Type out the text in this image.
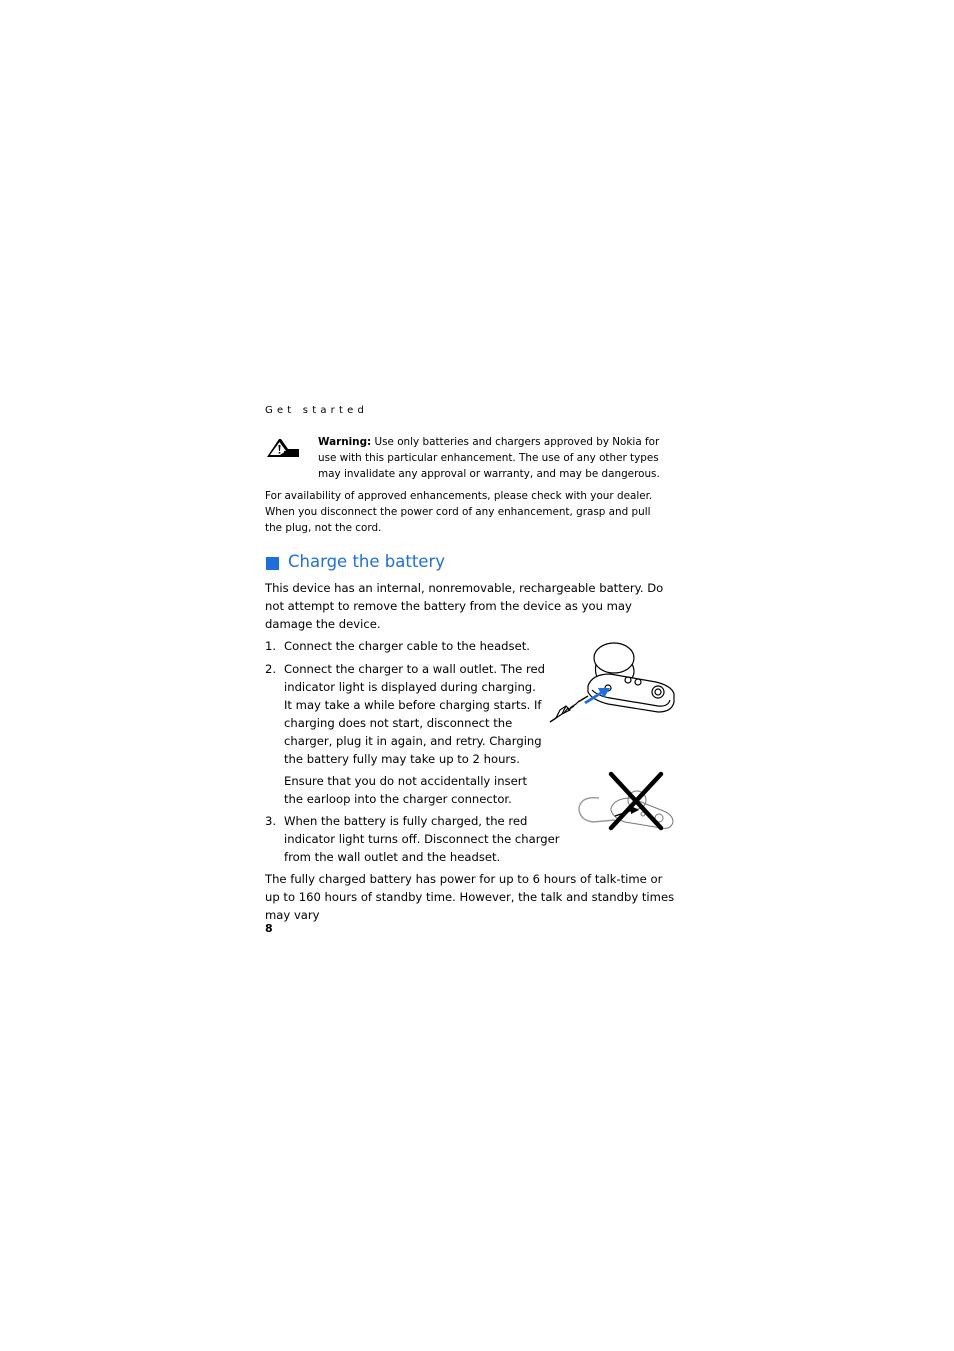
Get started

Warning: Use only batteries and chargers approved by Nokia for use with this particular enhancement. The use of any other types may invalidate any approval or warranty, and may be dangerous.
For availability of approved enhancements, please check with your dealer. When you disconnect the power cord of any enhancement, grasp and pull the plug, not the cord.
Charge the battery
This device has an internal, nonremovable, rechargeable battery. Do not attempt to remove the battery from the device as you may damage the device.
1. Connect the charger cable to the headset.
2. Connect the charger to a wall outlet. The red indicator light is displayed during charging. It may take a while before charging starts. If charging does not start, disconnect the charger, plug it in again, and retry. Charging the battery fully may take up to 2 hours.
Ensure that you do not accidentally insert the earloop into the charger connector.
3. When the battery is fully charged, the red indicator light turns off. Disconnect the charger from the wall outlet and the headset.
The fully charged battery has power for up to 6 hours of talk-time or up to 160 hours of standby time. However, the talk and standby times may vary
8
